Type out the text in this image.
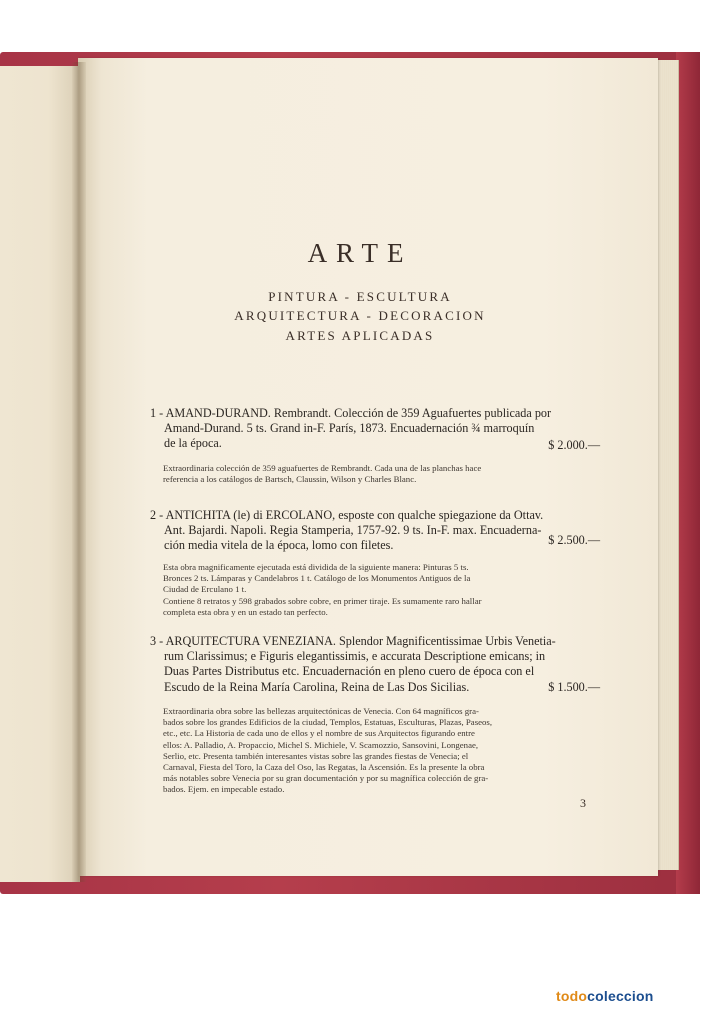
ARTE
PINTURA - ESCULTURA
ARQUITECTURA - DECORACION
ARTES APLICADAS
1 - AMAND-DURAND. Rembrandt. Colección de 359 Aguafuertes publicada por
Amand-Durand. 5 ts. Grand in-F. París, 1873. Encuadernación ¾ marroquín
de la época.	$ 2.000.—
Extraordinaria colección de 359 aguafuertes de Rembrandt. Cada una de las planchas hace
referencia a los catálogos de Bartsch, Claussin, Wilson y Charles Blanc.
2 - ANTICHITA (le) di ERCOLANO, esposte con qualche spiegazione da Ottav.
Ant. Bajardi. Napoli. Regia Stamperia, 1757-92. 9 ts. In-F. max. Encuaderna-
ción media vitela de la época, lomo con filetes.	$ 2.500.—
Esta obra magnificamente ejecutada está dividida de la siguiente manera: Pinturas 5 ts.
Bronces 2 ts. Lámparas y Candelabros 1 t. Catálogo de los Monumentos Antiguos de la
Ciudad de Erculano 1 t.
Contiene 8 retratos y 598 grabados sobre cobre, en primer tiraje. Es sumamente raro hallar
completa esta obra y en un estado tan perfecto.
3 - ARQUITECTURA VENEZIANA. Splendor Magnificentissimae Urbis Venetia-
rum Clarissimus; e Figuris elegantissimis, e accurata Descriptione emicans; in
Duas Partes Distributus etc. Encuadernación en pleno cuero de época con el
Escudo de la Reina María Carolina, Reina de Las Dos Sicilias.	$ 1.500.—
Extraordinaria obra sobre las bellezas arquitectónicas de Venecia. Con 64 magníficos gra-
bados sobre los grandes Edificios de la ciudad, Templos, Estatuas, Esculturas, Plazas, Paseos,
etc., etc. La Historia de cada uno de ellos y el nombre de sus Arquitectos figurando entre
ellos: A. Palladio, A. Propaccio, Michel S. Michiele, V. Scamozzio, Sansovini, Longenae,
Serlio, etc. Presenta también interesantes vistas sobre las grandes fiestas de Venecia; el
Carnaval, Fiesta del Toro, la Caza del Oso, las Regatas, la Ascensión. Es la presente la obra
más notables sobre Venecia por su gran documentación y por su magnífica colección de gra-
bados. Ejem. en impecable estado.
3
todocoleccion
